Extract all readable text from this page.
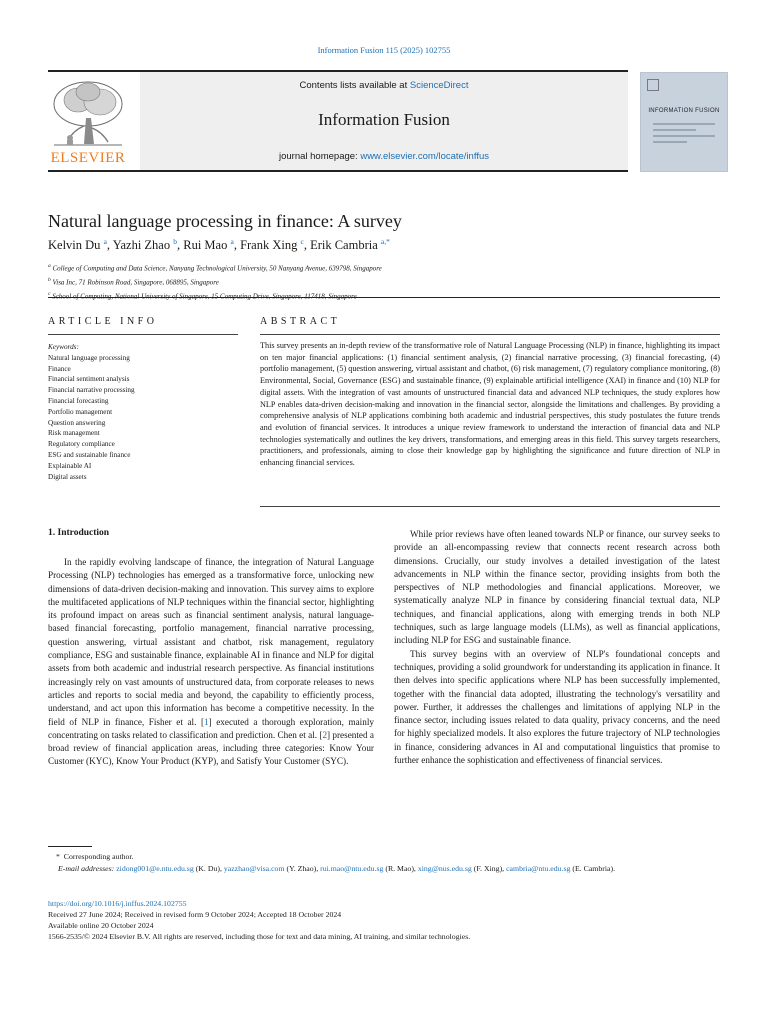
Information Fusion 115 (2025) 102755
ELSEVIER
Contents lists available at ScienceDirect
Information Fusion
journal homepage: www.elsevier.com/locate/inffus
INFORMATION FUSION
Natural language processing in finance: A survey
Kelvin Du $^a$, Yazhi Zhao $^b$, Rui Mao $^a$, Frank Xing $^c$, Erik Cambria $^{a,*}$
$^a$ College of Computing and Data Science, Nanyang Technological University, 50 Nanyang Avenue, 639798, Singapore
$^b$ Visa Inc, 71 Robinson Road, Singapore, 068895, Singapore
$^c$ School of Computing, National University of Singapore, 15 Computing Drive, Singapore, 117418, Singapore
ARTICLE INFO
Keywords:
Natural language processing
Finance
Financial sentiment analysis
Financial narrative processing
Financial forecasting
Portfolio management
Question answering
Risk management
Regulatory compliance
ESG and sustainable finance
Explainable AI
Digital assets
ABSTRACT
This survey presents an in-depth review of the transformative role of Natural Language Processing (NLP) in finance, highlighting its impact on ten major financial applications: (1) financial sentiment analysis, (2) financial narrative processing, (3) financial forecasting, (4) portfolio management, (5) question answering, virtual assistant and chatbot, (6) risk management, (7) regulatory compliance monitoring, (8) Environmental, Social, Governance (ESG) and sustainable finance, (9) explainable artificial intelligence (XAI) in finance and (10) NLP for digital assets. With the integration of vast amounts of unstructured financial data and advanced NLP techniques, the study explores how NLP enables data-driven decision-making and innovation in the financial sector, alongside the limitations and challenges. By providing a comprehensive analysis of NLP applications combining both academic and industrial perspectives, this study postulates the future trends and evolution of financial services. It introduces a unique review framework to understand the interaction of financial data and NLP technologies systematically and outlines the key drivers, transformations, and emerging areas in this field. This survey targets researchers, practitioners, and professionals, aiming to close their knowledge gap by highlighting the significance and future direction of NLP in enhancing financial services.
1. Introduction

In the rapidly evolving landscape of finance, the integration of Natural Language Processing (NLP) technologies has emerged as a transformative force, unlocking new dimensions of data-driven decision-making and innovation. This survey aims to explore the multifaceted applications of NLP techniques within the financial sector, highlighting its profound impact on areas such as financial sentiment analysis, natural language-based financial forecasting, portfolio management, financial narrative processing, question answering, virtual assistant and chatbot, risk management, regulatory compliance, ESG and sustainable finance, explainable AI in finance and NLP for digital assets from both academic and industrial research perspective. As financial institutions increasingly rely on vast amounts of unstructured data, from corporate releases to news articles and reports to social media and beyond, the capability to efficiently process, understand, and act upon this information has become a competitive necessity. In the field of NLP in finance, Fisher et al. [1] executed a thorough exploration, mainly concentrating on tasks related to classification and prediction. Chen et al. [2] presented a broad review of financial application areas, including three categories: Know Your Customer (KYC), Know Your Product (KYP), and Satisfy Your Customer (SYC).

While prior reviews have often leaned towards NLP or finance, our survey seeks to provide an all-encompassing review that connects recent research across both dimensions. Crucially, our study involves a detailed investigation of the latest advancements in NLP within the finance sector, providing insights from both the perspectives of NLP methodologies and financial applications. Moreover, we systematically analyze NLP in finance by considering financial textual data, NLP techniques, and financial applications, along with emerging trends in both NLP techniques, such as large language models (LLMs), as well as financial applications, including NLP for ESG and sustainable finance.

This survey begins with an overview of NLP's foundational concepts and techniques, providing a solid groundwork for understanding its application in finance. It then delves into specific applications where NLP has been successfully implemented, together with the financial data adopted, illustrating the technology's versatility and power. Further, it addresses the challenges and limitations of applying NLP in the finance sector, including issues related to data quality, privacy concerns, and the need for highly specialized models. It also explores the future trajectory of NLP technologies in finance, considering advances in AI and computational linguistics that promise to further enhance the sophistication and effectiveness of financial services.

*  Corresponding author.
E-mail addresses: zidong001@e.ntu.edu.sg (K. Du), yazzhao@visa.com (Y. Zhao), rui.mao@ntu.edu.sg (R. Mao), xing@nus.edu.sg (F. Xing), cambria@ntu.edu.sg (E. Cambria).
https://doi.org/10.1016/j.inffus.2024.102755
Received 27 June 2024; Received in revised form 9 October 2024; Accepted 18 October 2024
Available online 20 October 2024
1566-2535/© 2024 Elsevier B.V. All rights are reserved, including those for text and data mining, AI training, and similar technologies.
